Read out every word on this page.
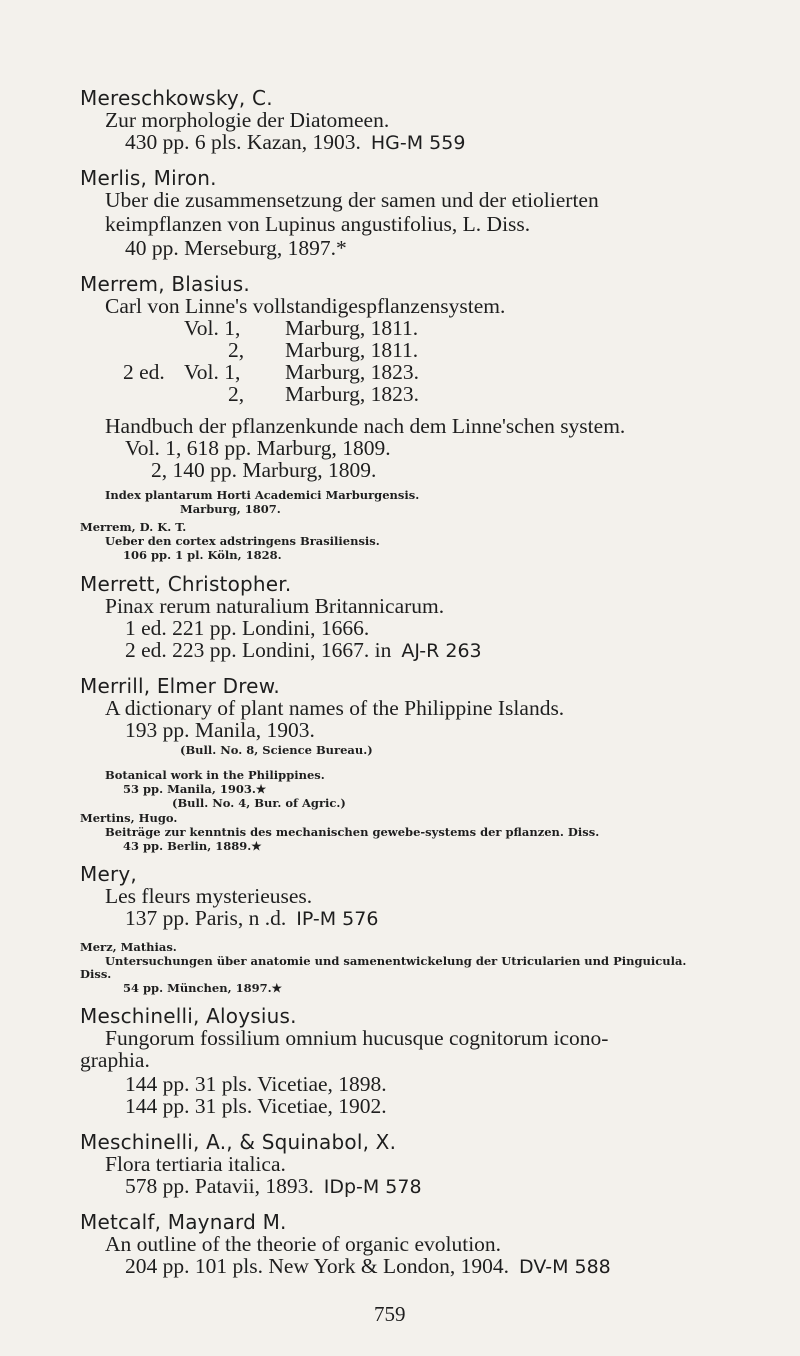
Mereschkowsky, C.
Zur morphologie der Diatomeen.
430 pp. 6 pls. Kazan, 1903. HG-M 559
Merlis, Miron.
Uber die zusammensetzung der samen und der etiolierten
keimpflanzen von Lupinus angustifolius, L. Diss.
40 pp. Merseburg, 1897.*
Merrem, Blasius.
Carl von Linne's vollstandigespflanzensystem.
Vol. 1, Marburg, 1811.
2, Marburg, 1811.
2 ed. Vol. 1, Marburg, 1823.
2, Marburg, 1823.
Handbuch der pflanzenkunde nach dem Linne'schen system.
Vol. 1, 618 pp. Marburg, 1809.
2, 140 pp. Marburg, 1809.
Index plantarum Horti Academici Marburgensis.
Marburg, 1807.
Merrem, D. K. T.
Ueber den cortex adstringens Brasiliensis.
106 pp. 1 pl. Köln, 1828.
Merrett, Christopher.
Pinax rerum naturalium Britannicarum.
1 ed. 221 pp. Londini, 1666.
2 ed. 223 pp. Londini, 1667. in AJ-R 263
Merrill, Elmer Drew.
A dictionary of plant names of the Philippine Islands.
193 pp. Manila, 1903.
(Bull. No. 8, Science Bureau.)
Botanical work in the Philippines.
53 pp. Manila, 1903.★
(Bull. No. 4, Bur. of Agric.)
Mertins, Hugo.
Beiträge zur kenntnis des mechanischen gewebe-systems der pflanzen. Diss.
43 pp. Berlin, 1889.★
Mery,
Les fleurs mysterieuses.
137 pp. Paris, n .d. IP-M 576
Merz, Mathias.
Untersuchungen über anatomie und samenentwickelung der Utricularien und Pinguicula.
Diss.
54 pp. München, 1897.★
Meschinelli, Aloysius.
Fungorum fossilium omnium hucusque cognitorum icono-
graphia.
144 pp. 31 pls. Vicetiae, 1898.
144 pp. 31 pls. Vicetiae, 1902.
Meschinelli, A., & Squinabol, X.
Flora tertiaria italica.
578 pp. Patavii, 1893. IDp-M 578
Metcalf, Maynard M.
An outline of the theorie of organic evolution.
204 pp. 101 pls. New York & London, 1904. DV-M 588
759
